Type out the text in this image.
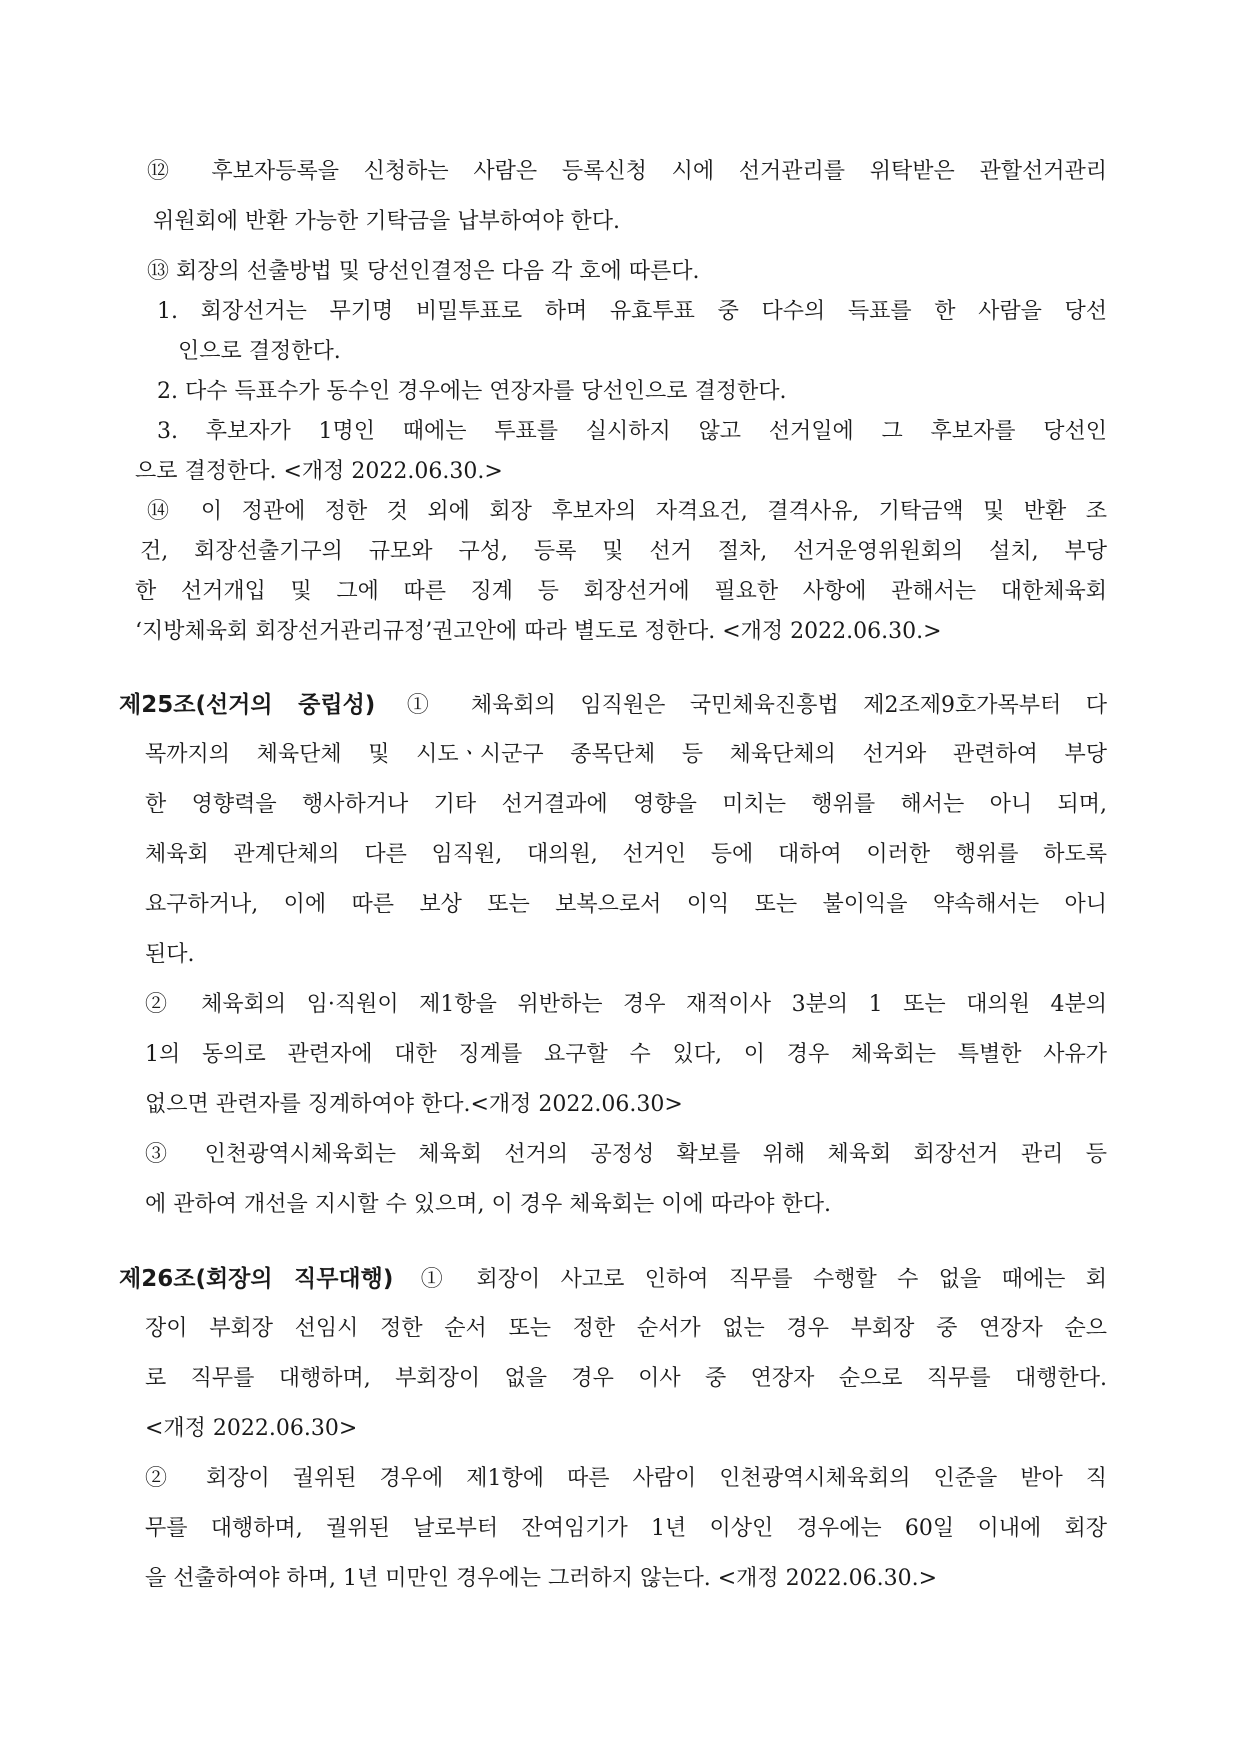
⑫ 후보자등록을 신청하는 사람은 등록신청 시에 선거관리를 위탁받은 관할선거관리
위원회에 반환 가능한 기탁금을 납부하여야 한다.
⑬ 회장의 선출방법 및 당선인결정은 다음 각 호에 따른다.
1. 회장선거는 무기명 비밀투표로 하며 유효투표 중 다수의 득표를 한 사람을 당선
인으로 결정한다.
2. 다수 득표수가 동수인 경우에는 연장자를 당선인으로 결정한다.
3. 후보자가 1명인 때에는 투표를 실시하지 않고 선거일에 그 후보자를 당선인
으로 결정한다. <개정 2022.06.30.>
⑭ 이 정관에 정한 것 외에 회장 후보자의 자격요건, 결격사유, 기탁금액 및 반환 조
건, 회장선출기구의 규모와 구성, 등록 및 선거 절차, 선거운영위원회의 설치, 부당
한 선거개입 및 그에 따른 징계 등 회장선거에 필요한 사항에 관해서는 대한체육회
‘지방체육회 회장선거관리규정’권고안에 따라 별도로 정한다. <개정 2022.06.30.>
제25조(선거의 중립성) ① 체육회의 임직원은 국민체육진흥법 제2조제9호가목부터 다
목까지의 체육단체 및 시도ㆍ시군구 종목단체 등 체육단체의 선거와 관련하여 부당
한 영향력을 행사하거나 기타 선거결과에 영향을 미치는 행위를 해서는 아니 되며,
체육회 관계단체의 다른 임직원, 대의원, 선거인 등에 대하여 이러한 행위를 하도록
요구하거나, 이에 따른 보상 또는 보복으로서 이익 또는 불이익을 약속해서는 아니
된다.
② 체육회의 임·직원이 제1항을 위반하는 경우 재적이사 3분의 1 또는 대의원 4분의
1의 동의로 관련자에 대한 징계를 요구할 수 있다, 이 경우 체육회는 특별한 사유가
없으면 관련자를 징계하여야 한다.<개정 2022.06.30>
③ 인천광역시체육회는 체육회 선거의 공정성 확보를 위해 체육회 회장선거 관리 등
에 관하여 개선을 지시할 수 있으며, 이 경우 체육회는 이에 따라야 한다.
제26조(회장의 직무대행) ① 회장이 사고로 인하여 직무를 수행할 수 없을 때에는 회
장이 부회장 선임시 정한 순서 또는 정한 순서가 없는 경우 부회장 중 연장자 순으
로 직무를 대행하며, 부회장이 없을 경우 이사 중 연장자 순으로 직무를 대행한다.
<개정 2022.06.30>
② 회장이 궐위된 경우에 제1항에 따른 사람이 인천광역시체육회의 인준을 받아 직
무를 대행하며, 궐위된 날로부터 잔여임기가 1년 이상인 경우에는 60일 이내에 회장
을 선출하여야 하며, 1년 미만인 경우에는 그러하지 않는다. <개정 2022.06.30.>
